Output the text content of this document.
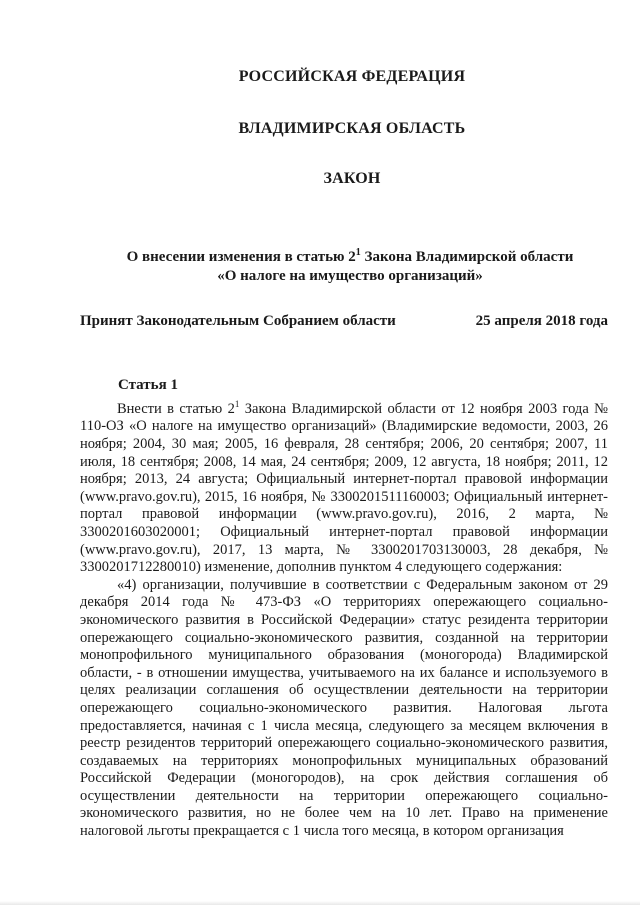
РОССИЙСКАЯ ФЕДЕРАЦИЯ
ВЛАДИМИРСКАЯ ОБЛАСТЬ
ЗАКОН
О внесении изменения в статью $2^1$ Закона Владимирской области
«О налоге на имущество организаций»
Принят Законодательным Собранием области	25 апреля 2018 года
Статья 1

Внести в статью $2^1$ Закона Владимирской области от 12 ноября 2003 года № 110-ОЗ «О налоге на имущество организаций» (Владимирские ведомости, 2003, 26 ноября; 2004, 30 мая; 2005, 16 февраля, 28 сентября; 2006, 20 сентября; 2007, 11 июля, 18 сентября; 2008, 14 мая, 24 сентября; 2009, 12 августа, 18 ноября; 2011, 12 ноября; 2013, 24 августа; Официальный интернет-портал правовой информации (www.pravo.gov.ru), 2015, 16 ноября, № 3300201511160003; Официальный интернет-портал правовой информации (www.pravo.gov.ru), 2016, 2 марта, № 3300201603020001; Официальный интернет-портал правовой информации (www.pravo.gov.ru), 2017, 13 марта, № 3300201703130003, 28 декабря, № 3300201712280010) изменение, дополнив пунктом 4 следующего содержания:

«4) организации, получившие в соответствии с Федеральным законом от 29 декабря 2014 года № 473-ФЗ «О территориях опережающего социально-экономического развития в Российской Федерации» статус резидента территории опережающего социально-экономического развития, созданной на территории монопрофильного муниципального образования (моногорода) Владимирской области, - в отношении имущества, учитываемого на их балансе и используемого в целях реализации соглашения об осуществлении деятельности на территории опережающего социально-экономического развития. Налоговая льгота предоставляется, начиная с 1 числа месяца, следующего за месяцем включения в реестр резидентов территорий опережающего социально-экономического развития, создаваемых на территориях монопрофильных муниципальных образований Российской Федерации (моногородов), на срок действия соглашения об осуществлении деятельности на территории опережающего социально-экономического развития, но не более чем на 10 лет. Право на применение налоговой льготы прекращается с 1 числа того месяца, в котором организация
